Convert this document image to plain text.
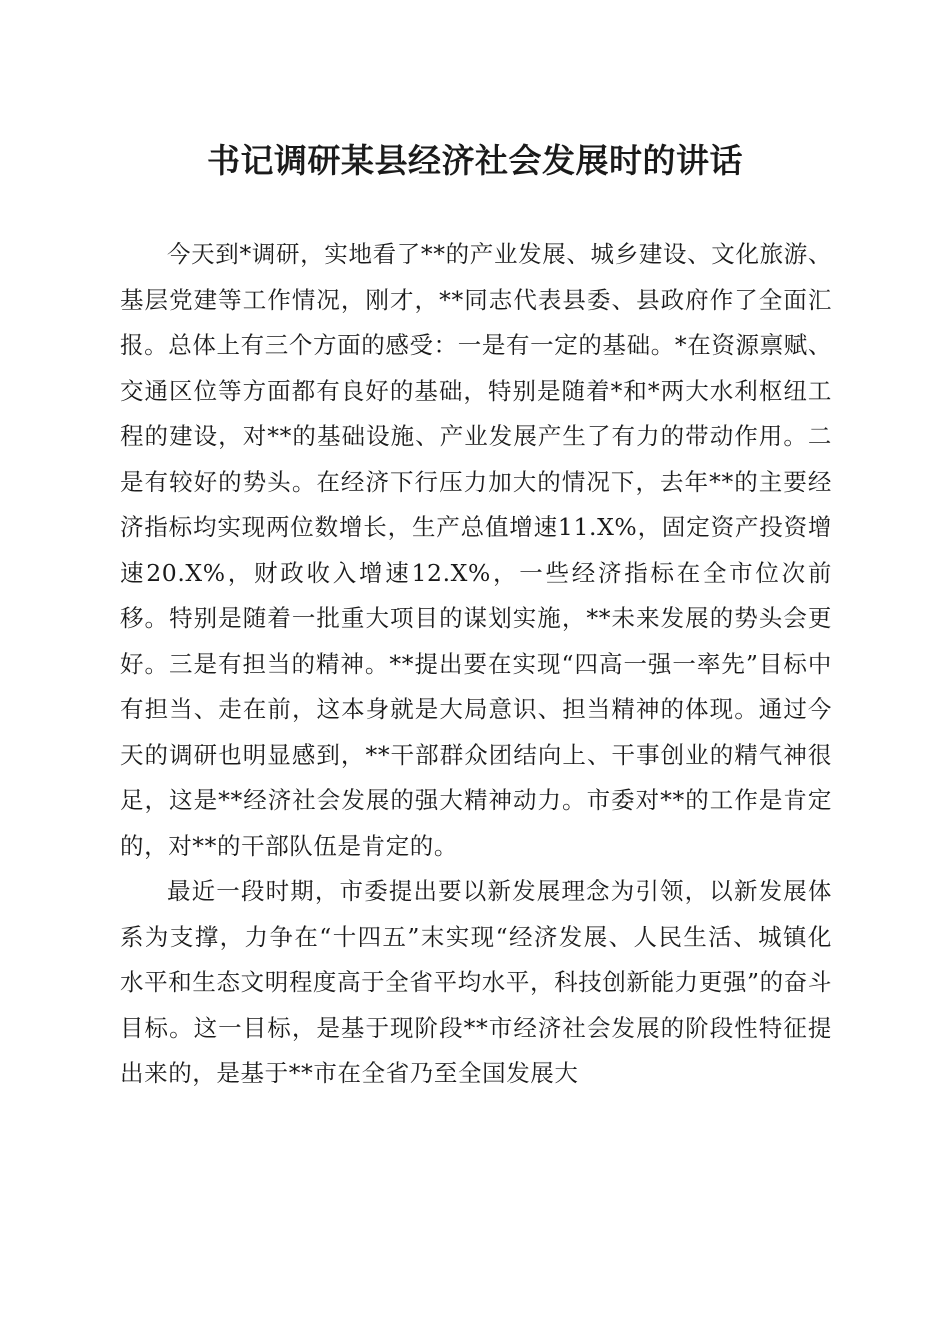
书记调研某县经济社会发展时的讲话

今天到*调研，实地看了**的产业发展、城乡建设、文化旅游、基层党建等工作情况，刚才，**同志代表县委、县政府作了全面汇报。总体上有三个方面的感受：一是有一定的基础。*在资源禀赋、交通区位等方面都有良好的基础，特别是随着*和*两大水利枢纽工程的建设，对**的基础设施、产业发展产生了有力的带动作用。二是有较好的势头。在经济下行压力加大的情况下，去年**的主要经济指标均实现两位数增长，生产总值增速11.X%，固定资产投资增速20.X%，财政收入增速12.X%，一些经济指标在全市位次前移。特别是随着一批重大项目的谋划实施，**未来发展的势头会更好。三是有担当的精神。**提出要在实现“四高一强一率先”目标中有担当、走在前，这本身就是大局意识、担当精神的体现。通过今天的调研也明显感到，**干部群众团结向上、干事创业的精气神很足，这是**经济社会发展的强大精神动力。市委对**的工作是肯定的，对**的干部队伍是肯定的。

最近一段时期，市委提出要以新发展理念为引领，以新发展体系为支撑，力争在“十四五”末实现“经济发展、人民生活、城镇化水平和生态文明程度高于全省平均水平，科技创新能力更强”的奋斗目标。这一目标，是基于现阶段**市经济社会发展的阶段性特征提出来的，是基于**市在全省乃至全国发展大
